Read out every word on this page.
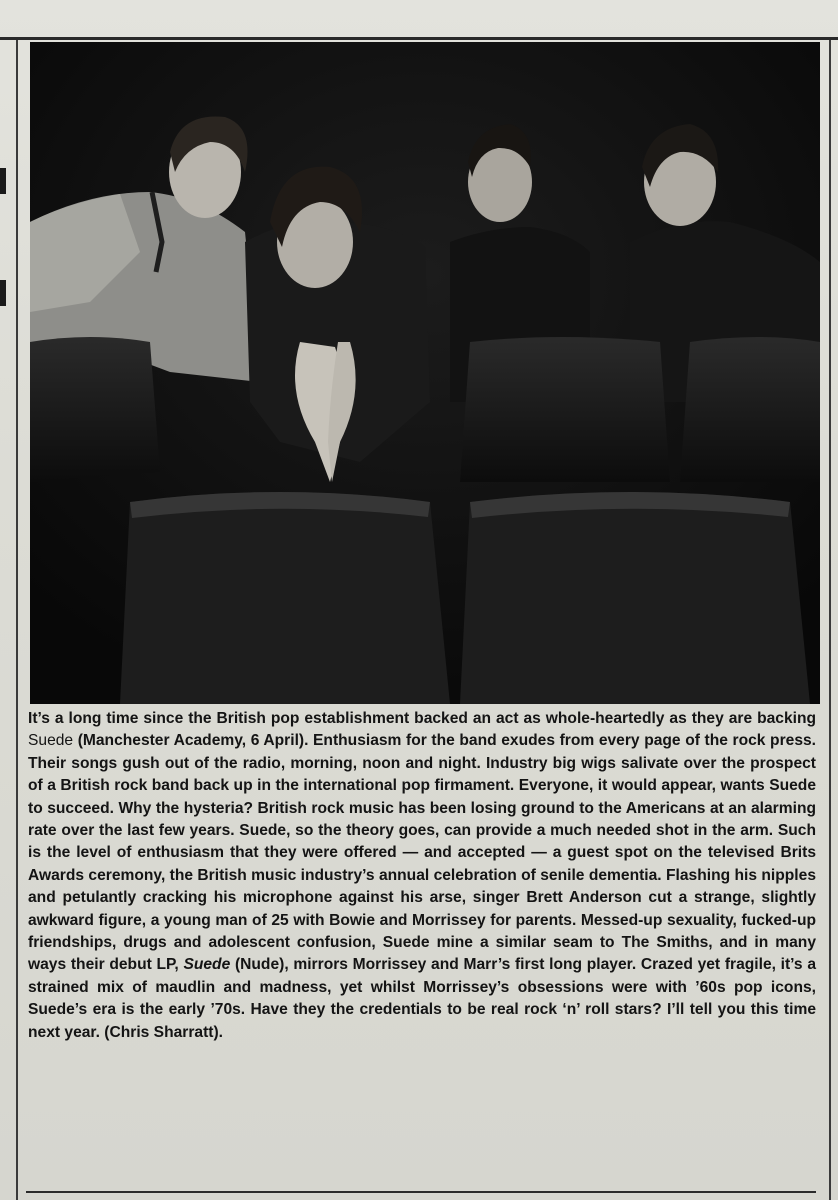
It’s a long time since the British pop establishment backed an act as whole-heartedly as they are backing Suede (Manchester Academy, 6 April). Enthusiasm for the band exudes from every page of the rock press. Their songs gush out of the radio, morning, noon and night. Industry big wigs salivate over the prospect of a British rock band back up in the international pop firmament. Everyone, it would appear, wants Suede to succeed. Why the hysteria? British rock music has been losing ground to the Americans at an alarming rate over the last few years. Suede, so the theory goes, can provide a much needed shot in the arm. Such is the level of enthusiasm that they were offered — and accepted — a guest spot on the televised Brits Awards ceremony, the British music industry’s annual celebration of senile dementia. Flashing his nipples and petulantly cracking his microphone against his arse, singer Brett Anderson cut a strange, slightly awkward figure, a young man of 25 with Bowie and Morrissey for parents. Messed-up sexuality, fucked-up friendships, drugs and adolescent confusion, Suede mine a similar seam to The Smiths, and in many ways their debut LP, Suede (Nude), mirrors Morrissey and Marr’s first long player. Crazed yet fragile, it’s a strained mix of maudlin and madness, yet whilst Morrissey’s obsessions were with ’60s pop icons, Suede’s era is the early ’70s. Have they the credentials to be real rock ‘n’ roll stars? I’ll tell you this time next year. (Chris Sharratt).
